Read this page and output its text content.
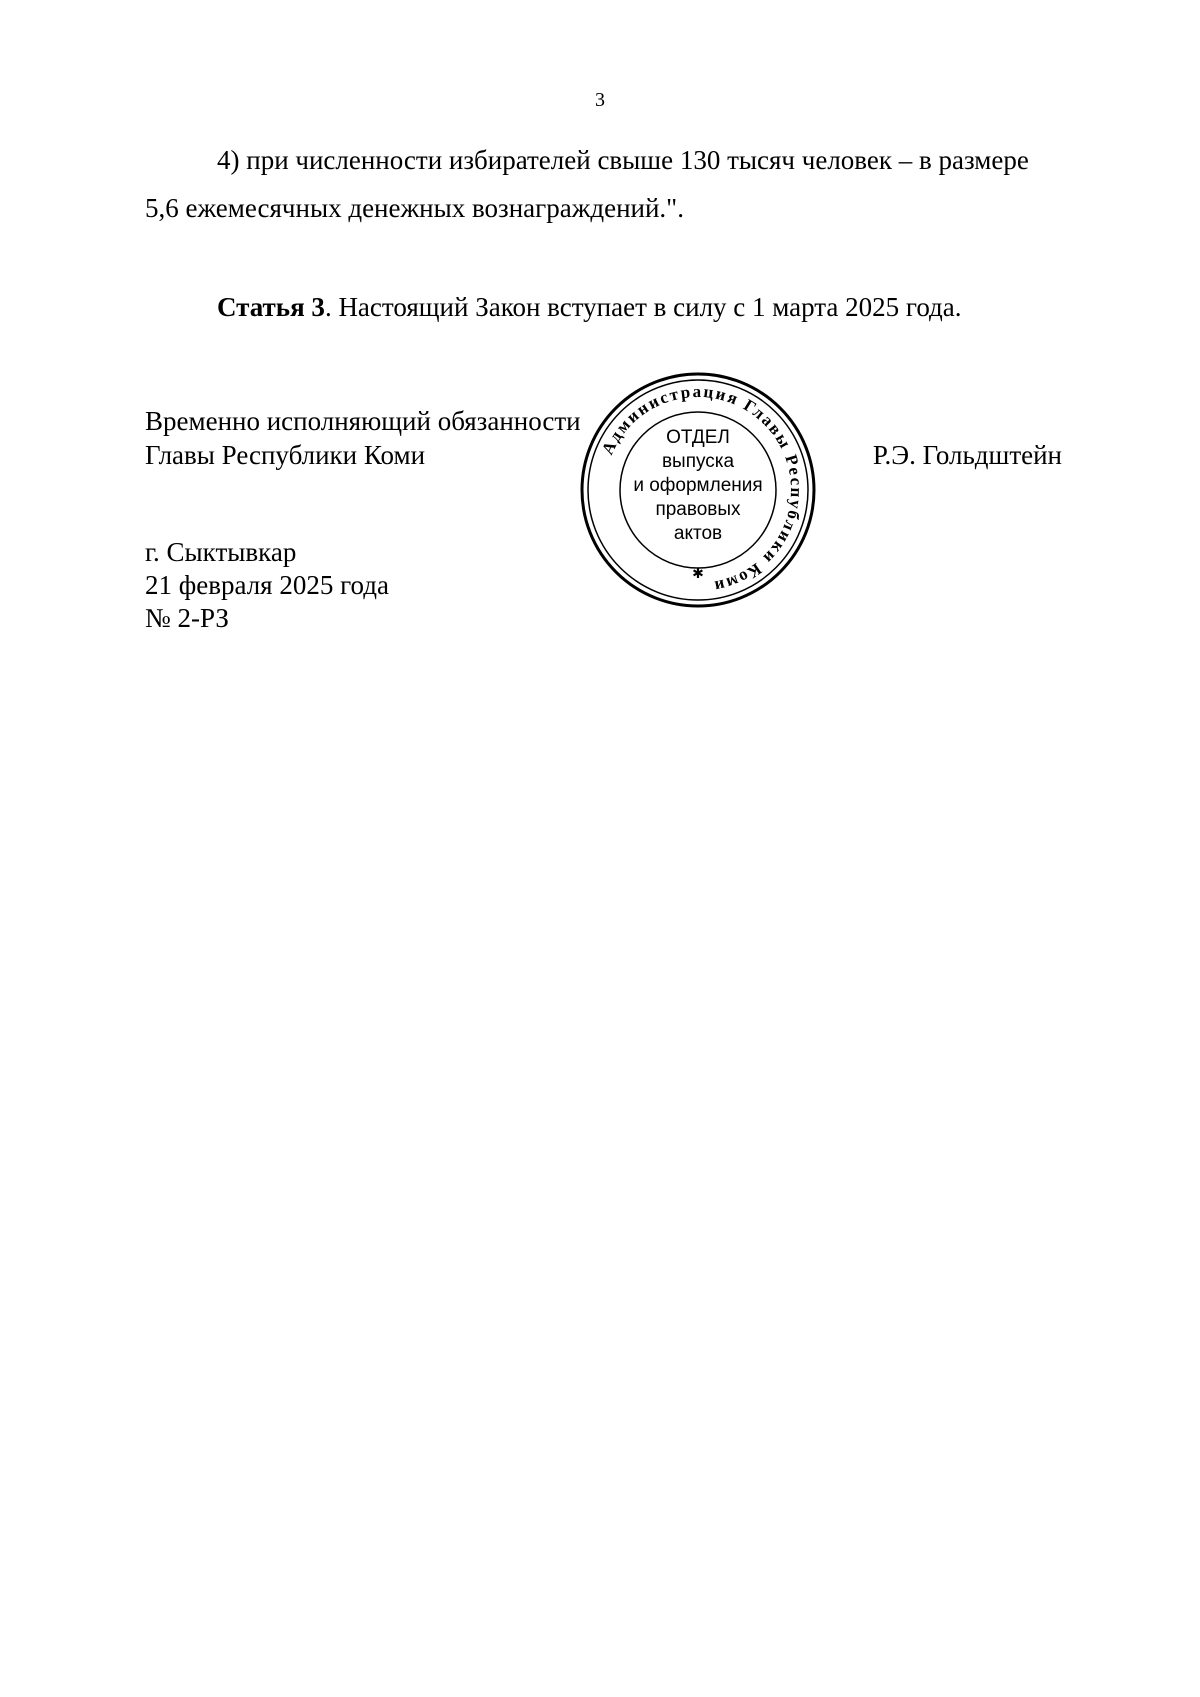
3
4) при численности избирателей свыше 130 тысяч человек – в размере
5,6 ежемесячных денежных вознаграждений.".
Статья 3. Настоящий Закон вступает в силу с 1 марта 2025 года.
Временно исполняющий обязанности
Главы Республики Коми	Р.Э. Гольдштейн
г. Сыктывкар
21 февраля 2025 года
№ 2-РЗ
Администрация Главы Республики Коми
ОТДЕЛ
выпуска
и оформления
правовых
актов
✱
